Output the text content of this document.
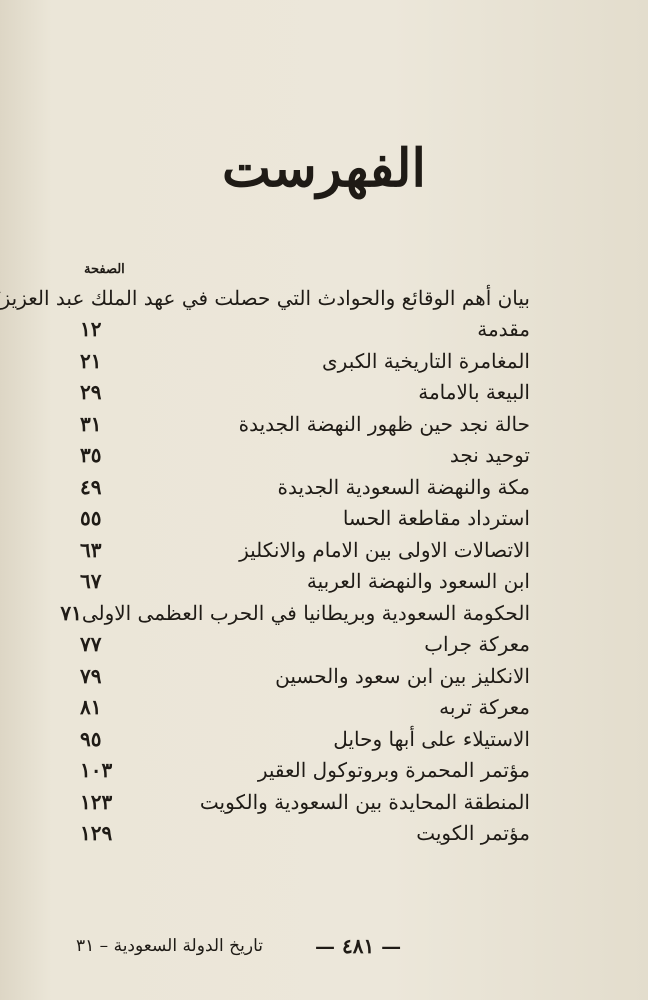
الفهرست
الصفحة
بيان أهم الوقائع والحوادث التي حصلت في عهد الملك عبد العزيز
مقدمة
١٢
المغامرة التاريخية الكبرى
٢١
البيعة بالامامة
٢٩
حالة نجد حين ظهور النهضة الجديدة
٣١
توحيد نجد
٣٥
مكة والنهضة السعودية الجديدة
٤٩
استرداد مقاطعة الحسا
٥٥
الاتصالات الاولى بين الامام والانكليز
٦٣
ابن السعود والنهضة العربية
٦٧
الحكومة السعودية وبريطانيا في الحرب العظمى الاولى
٧١
معركة جراب
٧٧
الانكليز بين ابن سعود والحسين
٧٩
معركة تربه
٨١
الاستيلاء على أبها وحايل
٩٥
مؤتمر المحمرة وبروتوكول العقير
١٠٣
المنطقة المحايدة بين السعودية والكويت
١٢٣
مؤتمر الكويت
١٢٩
— ٤٨١ —
تاريخ الدولة السعودية – ٣١
